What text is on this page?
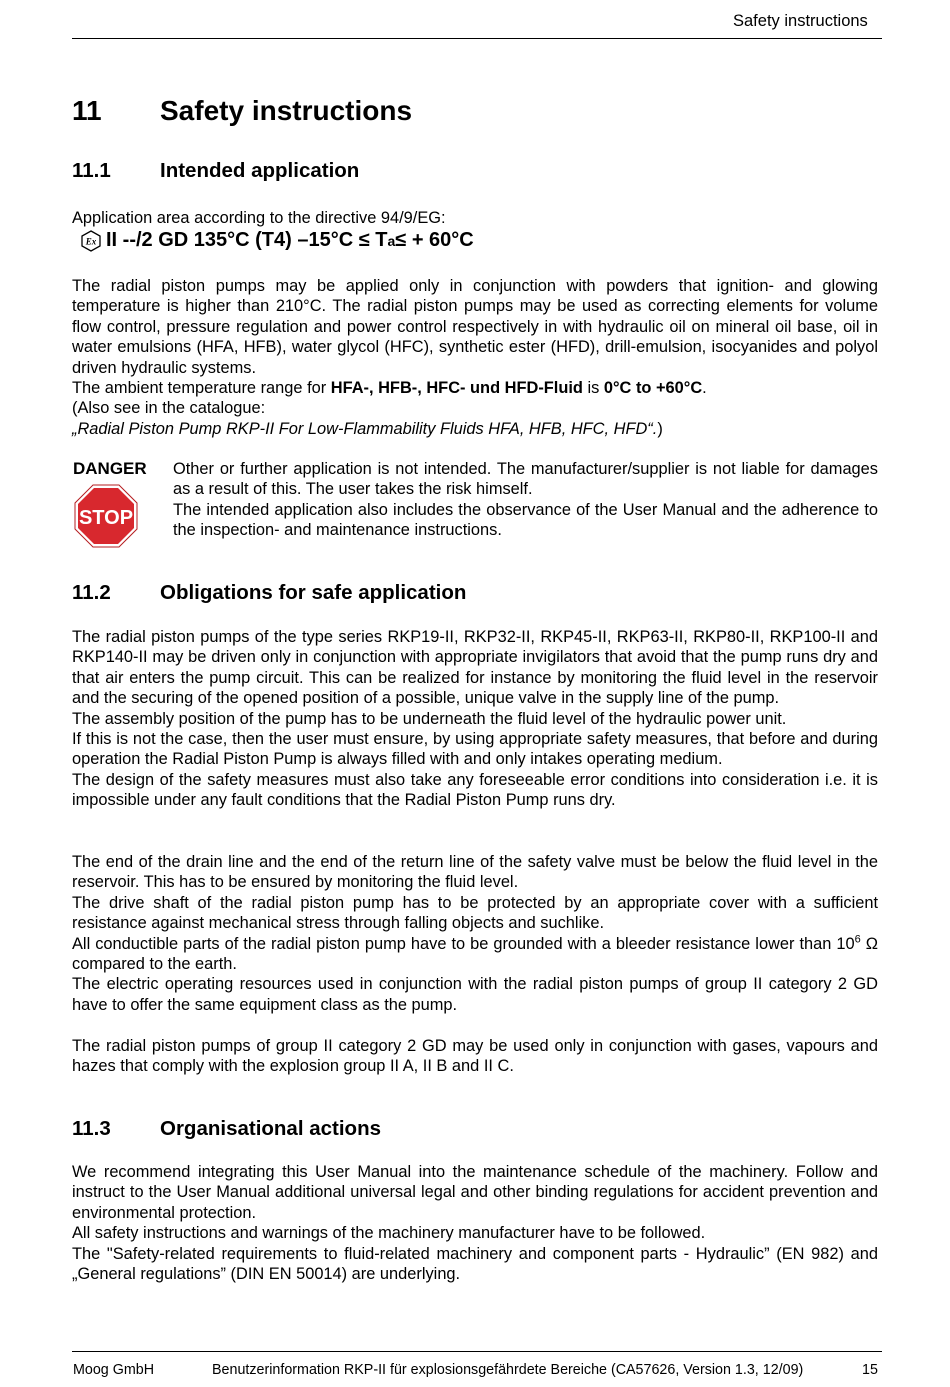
Safety instructions
11 Safety instructions
11.1 Intended application
Application area according to the directive 94/9/EG:
Ex II --/2 GD 135°C (T4) –15°C ≤ T a ≤ + 60°C

The radial piston pumps may be applied only in conjunction with powders that ignition- and glowing temperature is higher than 210°C. The radial piston pumps may be used as correcting elements for volume flow control, pressure regulation and power control respectively in with hydraulic oil on mineral oil base, oil in water emulsions (HFA, HFB), water glycol (HFC), synthetic ester (HFD), drill-emulsion, isocyanides and polyol driven hydraulic systems.

The ambient temperature range for HFA-, HFB-, HFC- und HFD-Fluid is 0°C to +60°C.

(Also see in the catalogue:

„Radial Piston Pump RKP-II For Low-Flammability Fluids HFA, HFB, HFC, HFD“.)

DANGER
STOP

Other or further application is not intended. The manufacturer/supplier is not liable for damages as a result of this. The user takes the risk himself.

The intended application also includes the observance of the User Manual and the adherence to the inspection- and maintenance instructions.

11.2 Obligations for safe application

The radial piston pumps of the type series RKP19-II, RKP32-II, RKP45-II, RKP63-II, RKP80-II, RKP100-II and RKP140-II may be driven only in conjunction with appropriate invigilators that avoid that the pump runs dry and that air enters the pump circuit. This can be realized for instance by monitoring the fluid level in the reservoir and the securing of the opened position of a possible, unique valve in the supply line of the pump.

The assembly position of the pump has to be underneath the fluid level of the hydraulic power unit.

If this is not the case, then the user must ensure, by using appropriate safety measures, that before and during operation the Radial Piston Pump is always filled with and only intakes operating medium.

The design of the safety measures must also take any foreseeable error conditions into consideration i.e. it is impossible under any fault conditions that the Radial Piston Pump runs dry.

The end of the drain line and the end of the return line of the safety valve must be below the fluid level in the reservoir. This has to be ensured by monitoring the fluid level.

The drive shaft of the radial piston pump has to be protected by an appropriate cover with a sufficient resistance against mechanical stress through falling objects and suchlike.

All conductible parts of the radial piston pump have to be grounded with a bleeder resistance lower than $10^6$ Ω compared to the earth.

The electric operating resources used in conjunction with the radial piston pumps of group II category 2 GD have to offer the same equipment class as the pump.

The radial piston pumps of group II category 2 GD may be used only in conjunction with gases, vapours and hazes that comply with the explosion group II A, II B and II C.

11.3 Organisational actions

We recommend integrating this User Manual into the maintenance schedule of the machinery. Follow and instruct to the User Manual additional universal legal and other binding regulations for accident prevention and environmental protection.

All safety instructions and warnings of the machinery manufacturer have to be followed.

The "Safety-related requirements to fluid-related machinery and component parts - Hydraulic” (EN 982) and „General regulations” (DIN EN 50014) are underlying.

Moog GmbH	Benutzerinformation RKP-II für explosionsgefährdete Bereiche (CA57626, Version 1.3, 12/09)	15
